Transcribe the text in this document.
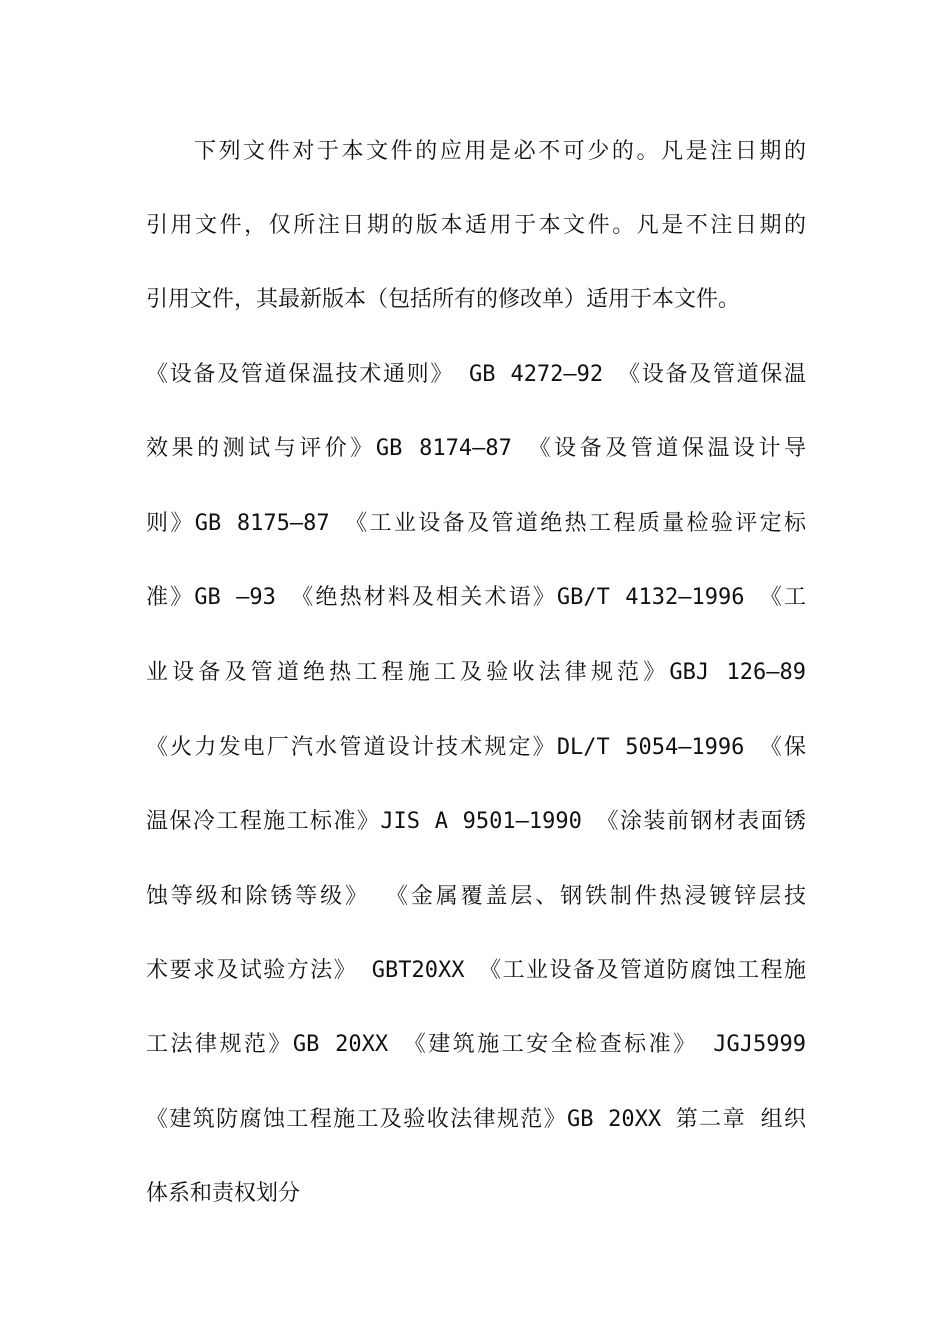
下列文件对于本文件的应用是必不可少的。凡是注日期的
引用文件，仅所注日期的版本适用于本文件。凡是不注日期的
引用文件，其最新版本（包括所有的修改单）适用于本文件。
《设备及管道保温技术通则》 GB 4272—92 《设备及管道保温
效果的测试与评价》GB 8174—87 《设备及管道保温设计导
则》GB 8175—87 《工业设备及管道绝热工程质量检验评定标
准》GB —93 《绝热材料及相关术语》GB/T 4132—1996 《工
业设备及管道绝热工程施工及验收法律规范》GBJ 126—89
《火力发电厂汽水管道设计技术规定》DL/T 5054—1996 《保
温保冷工程施工标准》JIS A 9501—1990 《涂装前钢材表面锈
蚀等级和除锈等级》 《金属覆盖层、钢铁制件热浸镀锌层技
术要求及试验方法》 GBT20XX 《工业设备及管道防腐蚀工程施
工法律规范》GB 20XX 《建筑施工安全检查标准》 JGJ5999
《建筑防腐蚀工程施工及验收法律规范》GB 20XX 第二章 组织
体系和责权划分
